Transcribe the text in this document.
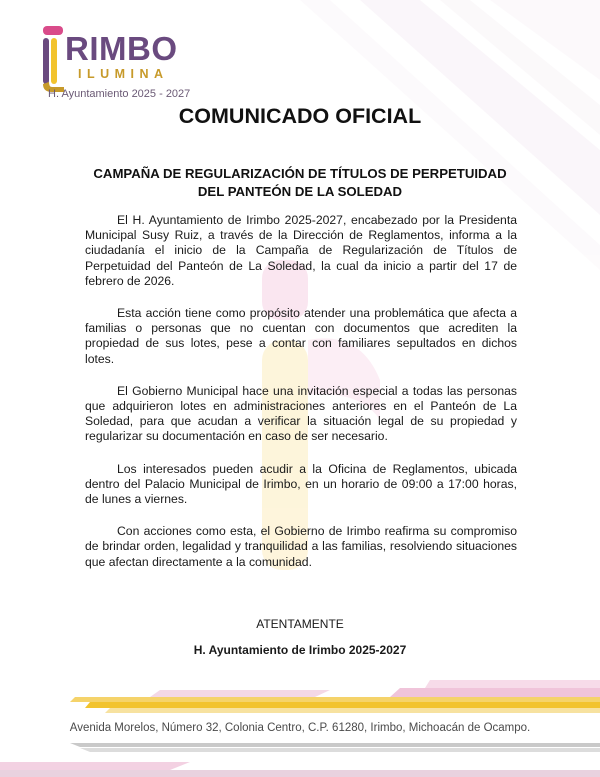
RIMBO
ILUMINA
H. Ayuntamiento 2025 - 2027
COMUNICADO OFICIAL
CAMPAÑA DE REGULARIZACIÓN DE TÍTULOS DE PERPETUIDAD
DEL PANTEÓN DE LA SOLEDAD

El H. Ayuntamiento de Irimbo 2025-2027, encabezado por la Presidenta Municipal Susy Ruiz, a través de la Dirección de Reglamentos, informa a la ciudadanía el inicio de la Campaña de Regularización de Títulos de Perpetuidad del Panteón de La Soledad, la cual da inicio a partir del 17 de febrero de 2026.

Esta acción tiene como propósito atender una problemática que afecta a familias o personas que no cuentan con documentos que acrediten la propiedad de sus lotes, pese a contar con familiares sepultados en dichos lotes.

El Gobierno Municipal hace una invitación especial a todas las personas que adquirieron lotes en administraciones anteriores en el Panteón de La Soledad, para que acudan a verificar la situación legal de su propiedad y regularizar su documentación en caso de ser necesario.

Los interesados pueden acudir a la Oficina de Reglamentos, ubicada dentro del Palacio Municipal de Irimbo, en un horario de 09:00 a 17:00 horas, de lunes a viernes.

Con acciones como esta, el Gobierno de Irimbo reafirma su compromiso de brindar orden, legalidad y tranquilidad a las familias, resolviendo situaciones que afectan directamente a la comunidad.

ATENTAMENTE
H. Ayuntamiento de Irimbo 2025-2027
Avenida Morelos, Número 32, Colonia Centro, C.P. 61280, Irimbo, Michoacán de Ocampo.
